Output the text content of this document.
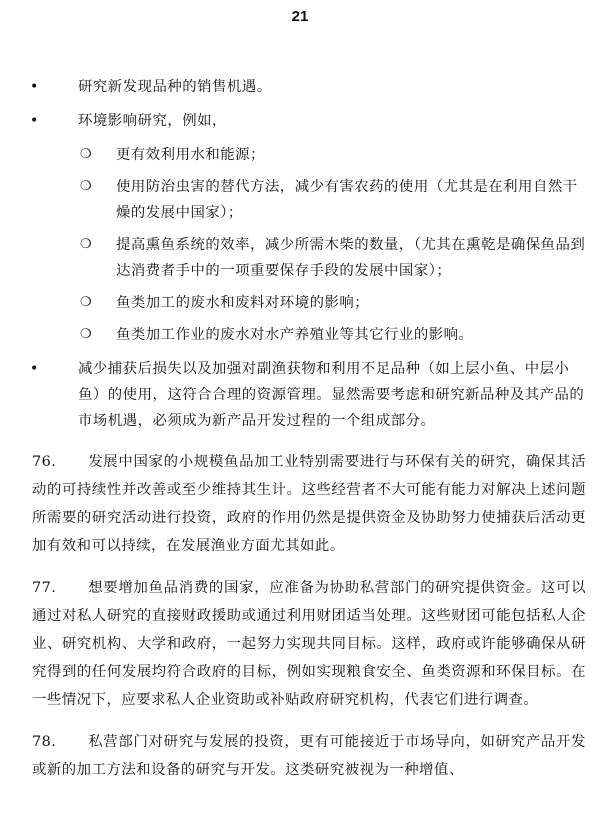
21
•	研究新发现品种的销售机遇。
•	环境影响研究，例如，
❍ 更有效利用水和能源；
❍ 使用防治虫害的替代方法，减少有害农药的使用（尤其是在利用自然干燥的发展中国家）；
❍ 提高熏鱼系统的效率，减少所需木柴的数量，（尤其在熏乾是确保鱼品到达消费者手中的一项重要保存手段的发展中国家）；
❍ 鱼类加工的废水和废料对环境的影响；
❍ 鱼类加工作业的废水对水产养殖业等其它行业的影响。
•	减少捕获后损失以及加强对副渔获物和利用不足品种（如上层小鱼、中层小鱼）的使用，这符合合理的资源管理。显然需要考虑和研究新品种及其产品的市场机遇，必须成为新产品开发过程的一个组成部分。
76. 发展中国家的小规模鱼品加工业特别需要进行与环保有关的研究，确保其活动的可持续性并改善或至少维持其生计。这些经营者不大可能有能力对解决上述问题所需要的研究活动进行投资，政府的作用仍然是提供资金及协助努力使捕获后活动更加有效和可以持续，在发展渔业方面尤其如此。
77. 想要增加鱼品消费的国家，应准备为协助私营部门的研究提供资金。这可以通过对私人研究的直接财政援助或通过利用财团适当处理。这些财团可能包括私人企业、研究机构、大学和政府，一起努力实现共同目标。这样，政府或许能够确保从研究得到的任何发展均符合政府的目标，例如实现粮食安全、鱼类资源和环保目标。在一些情况下，应要求私人企业资助或补贴政府研究机构，代表它们进行调查。
78. 私营部门对研究与发展的投资，更有可能接近于市场导向，如研究产品开发或新的加工方法和设备的研究与开发。这类研究被视为一种增值、
